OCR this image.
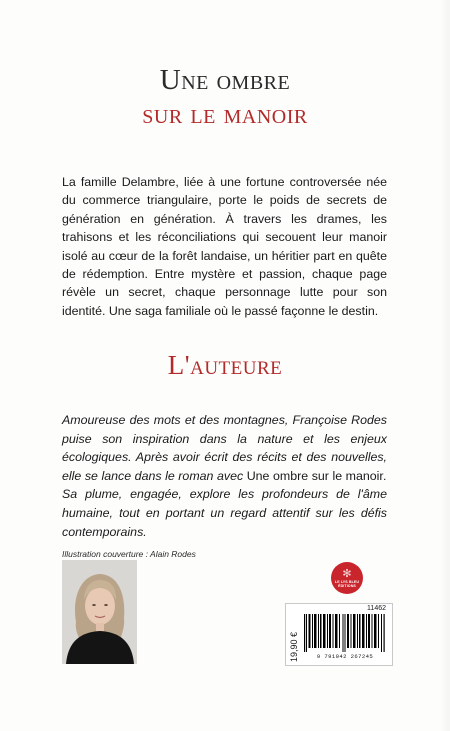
Une ombre
sur le manoir

La famille Delambre, liée à une fortune controversée née du commerce triangulaire, porte le poids de secrets de génération en génération. À travers les drames, les trahisons et les réconciliations qui secouent leur manoir isolé au cœur de la forêt landaise, un héritier part en quête de rédemption. Entre mystère et passion, chaque page révèle un secret, chaque personnage lutte pour son identité. Une saga familiale où le passé façonne le destin.

L'auteure

Amoureuse des mots et des montagnes, Françoise Rodes puise son inspiration dans la nature et les enjeux écologiques. Après avoir écrit des récits et des nouvelles, elle se lance dans le roman avec Une ombre sur le manoir. Sa plume, engagée, explore les profondeurs de l'âme humaine, tout en portant un regard attentif sur les défis contemporains.

Illustration couverture : Alain Rodes
✻
LE LYS BLEU
ÉDITIONS
11462
19,90 €	9 791042 267245
